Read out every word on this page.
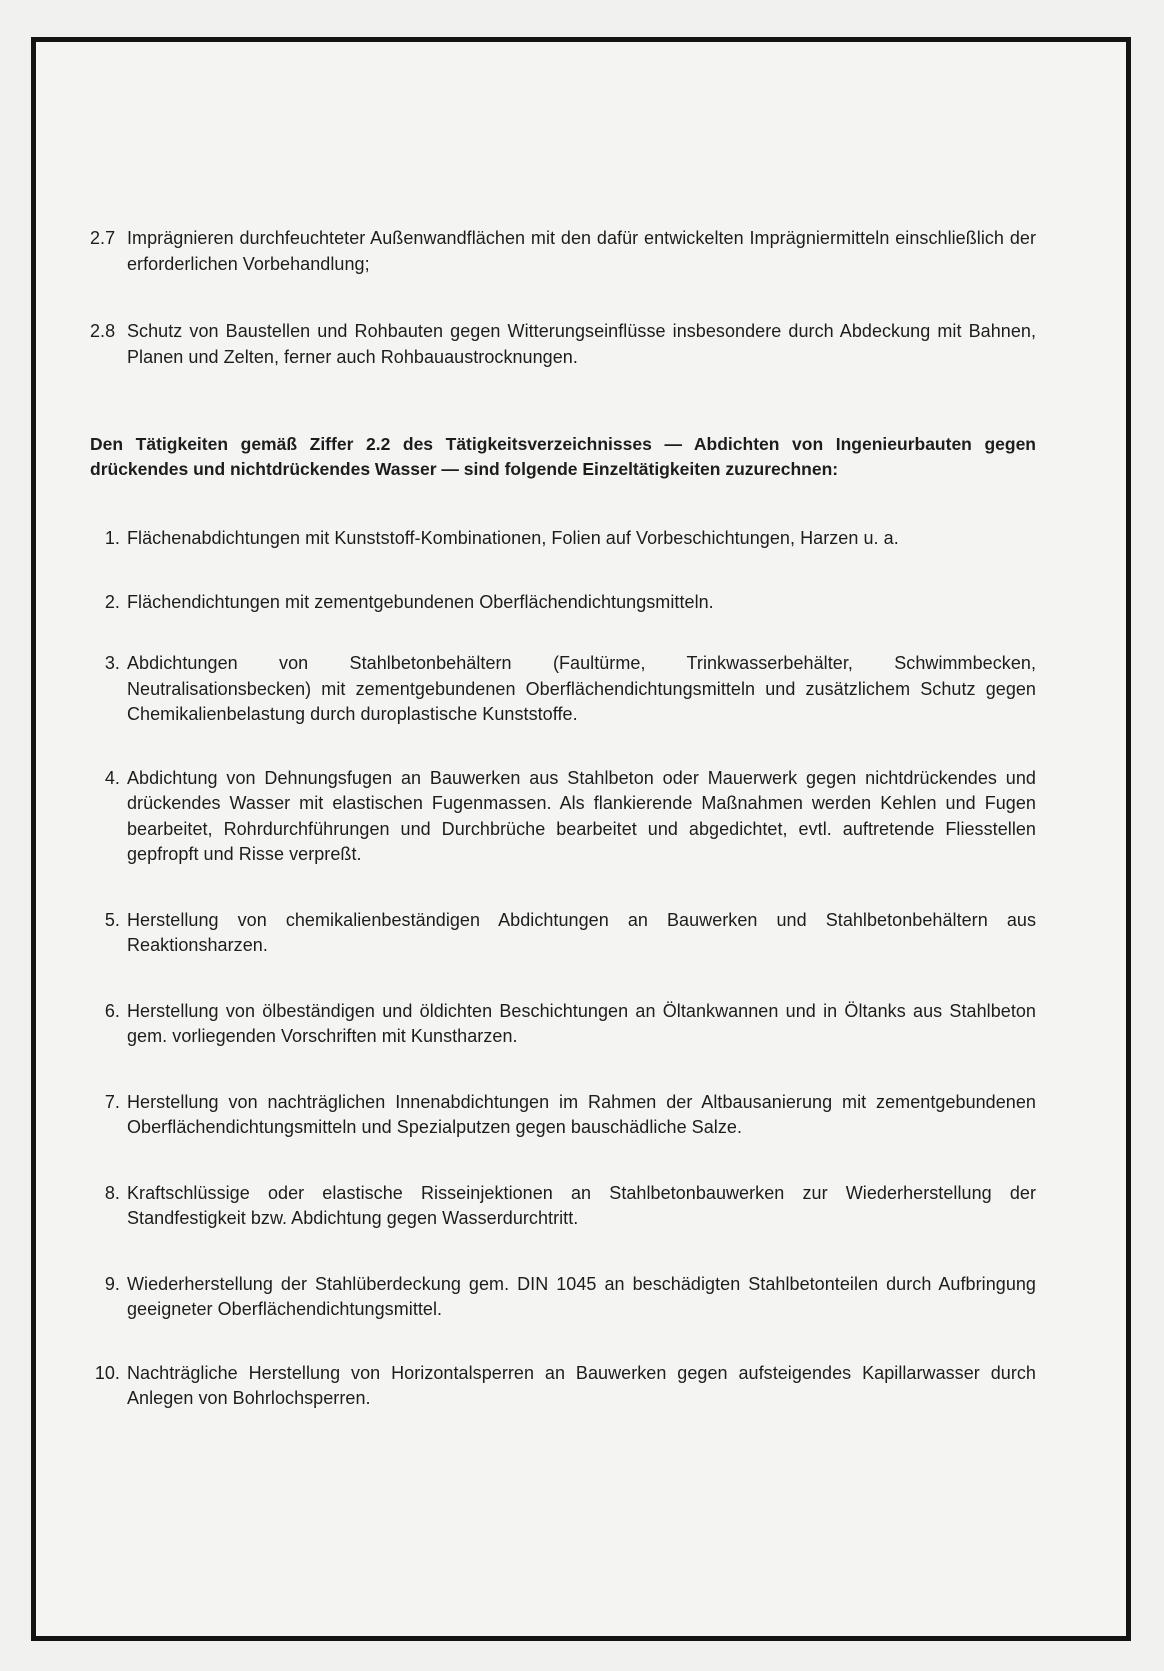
2.7 Imprägnieren durchfeuchteter Außenwandflächen mit den dafür entwickelten Imprägniermitteln einschließlich der erforderlichen Vorbehandlung;
2.8 Schutz von Baustellen und Rohbauten gegen Witterungseinflüsse insbesondere durch Abdeckung mit Bahnen, Planen und Zelten, ferner auch Rohbauaustrocknungen.
Den Tätigkeiten gemäß Ziffer 2.2 des Tätigkeitsverzeichnisses — Abdichten von Ingenieurbauten gegen drückendes und nichtdrückendes Wasser — sind folgende Einzeltätigkeiten zuzurechnen:
1. Flächenabdichtungen mit Kunststoff-Kombinationen, Folien auf Vorbeschichtungen, Harzen u. a.
2. Flächendichtungen mit zementgebundenen Oberflächendichtungsmitteln.
3. Abdichtungen von Stahlbetonbehältern (Faultürme, Trinkwasserbehälter, Schwimmbecken, Neutralisationsbecken) mit zementgebundenen Oberflächendichtungsmitteln und zusätzlichem Schutz gegen Chemikalienbelastung durch duroplastische Kunststoffe.
4. Abdichtung von Dehnungsfugen an Bauwerken aus Stahlbeton oder Mauerwerk gegen nichtdrückendes und drückendes Wasser mit elastischen Fugenmassen. Als flankierende Maßnahmen werden Kehlen und Fugen bearbeitet, Rohrdurchführungen und Durchbrüche bearbeitet und abgedichtet, evtl. auftretende Fliesstellen gepfropft und Risse verpreßt.
5. Herstellung von chemikalienbeständigen Abdichtungen an Bauwerken und Stahlbetonbehältern aus Reaktionsharzen.
6. Herstellung von ölbeständigen und öldichten Beschichtungen an Öltankwannen und in Öltanks aus Stahlbeton gem. vorliegenden Vorschriften mit Kunstharzen.
7. Herstellung von nachträglichen Innenabdichtungen im Rahmen der Altbausanierung mit zementgebundenen Oberflächendichtungsmitteln und Spezialputzen gegen bauschädliche Salze.
8. Kraftschlüssige oder elastische Risseinjektionen an Stahlbetonbauwerken zur Wiederherstellung der Standfestigkeit bzw. Abdichtung gegen Wasserdurchtritt.
9. Wiederherstellung der Stahlüberdeckung gem. DIN 1045 an beschädigten Stahlbetonteilen durch Aufbringung geeigneter Oberflächendichtungsmittel.
10. Nachträgliche Herstellung von Horizontalsperren an Bauwerken gegen aufsteigendes Kapillarwasser durch Anlegen von Bohrlochsperren.
